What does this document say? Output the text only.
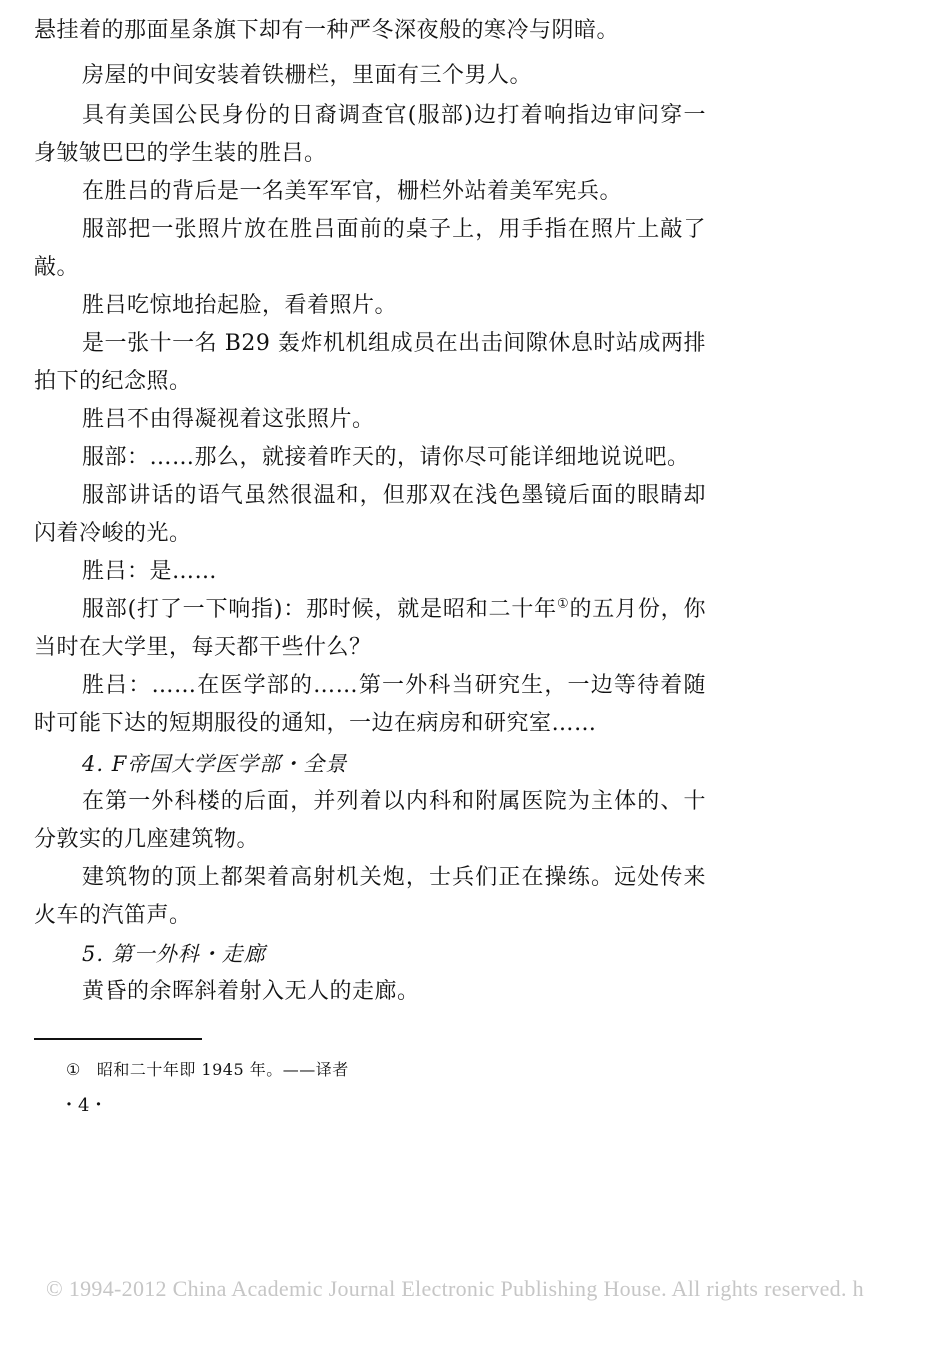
悬挂着的那面星条旗下却有一种严冬深夜般的寒冷与阴暗。

房屋的中间安装着铁栅栏，里面有三个男人。

具有美国公民身份的日裔调查官(服部)边打着响指边审问穿一身皱皱巴巴的学生装的胜吕。

在胜吕的背后是一名美军军官，栅栏外站着美军宪兵。

服部把一张照片放在胜吕面前的桌子上，用手指在照片上敲了敲。

胜吕吃惊地抬起脸，看着照片。

是一张十一名 B29 轰炸机机组成员在出击间隙休息时站成两排拍下的纪念照。

胜吕不由得凝视着这张照片。

服部：……那么，就接着昨天的，请你尽可能详细地说说吧。

服部讲话的语气虽然很温和，但那双在浅色墨镜后面的眼睛却闪着冷峻的光。

胜吕：是……

服部(打了一下响指)：那时候，就是昭和二十年①的五月份，你当时在大学里，每天都干些什么？

胜吕：……在医学部的……第一外科当研究生，一边等待着随时可能下达的短期服役的通知，一边在病房和研究室……

4. F帝国大学医学部・全景

在第一外科楼的后面，并列着以内科和附属医院为主体的、十分敦实的几座建筑物。

建筑物的顶上都架着高射机关炮，士兵们正在操练。远处传来火车的汽笛声。

5. 第一外科・走廊

黄昏的余晖斜着射入无人的走廊。

① 昭和二十年即 1945 年。——译者
・4・
© 1994-2012 China Academic Journal Electronic Publishing House. All rights reserved. h
